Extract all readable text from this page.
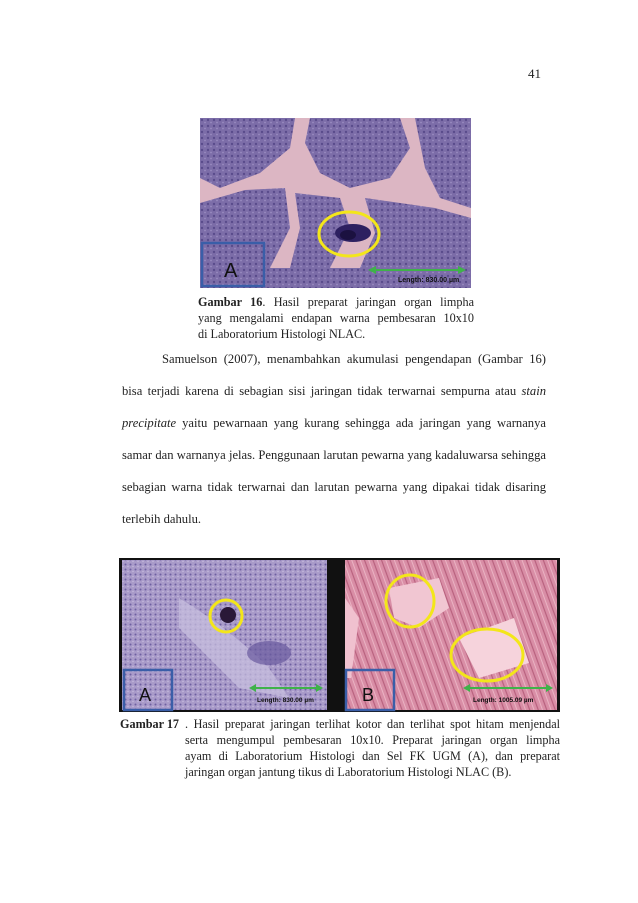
41
A	Length: 830.00 µm
Gambar 16. Hasil preparat jaringan organ limpha
yang mengalami endapan warna pembesaran 10x10
di Laboratorium Histologi NLAC.
Samuelson (2007), menambahkan akumulasi pengendapan (Gambar 16)
bisa terjadi karena di sebagian sisi jaringan tidak terwarnai sempurna atau stain
precipitate yaitu pewarnaan yang kurang sehingga ada jaringan yang warnanya
samar dan warnanya jelas. Penggunaan larutan pewarna yang kadaluwarsa sehingga
sebagian warna tidak terwarnai dan larutan pewarna yang dipakai tidak disaring
terlebih dahulu.
A	Length: 830.00 µm	B	Length: 1005.09 µm
Gambar 17 . Hasil preparat jaringan terlihat kotor dan terlihat spot hitam menjendal
serta mengumpul pembesaran 10x10. Preparat jaringan organ limpha
ayam di Laboratorium Histologi dan Sel FK UGM (A), dan preparat
jaringan organ jantung tikus di Laboratorium Histologi NLAC (B).
